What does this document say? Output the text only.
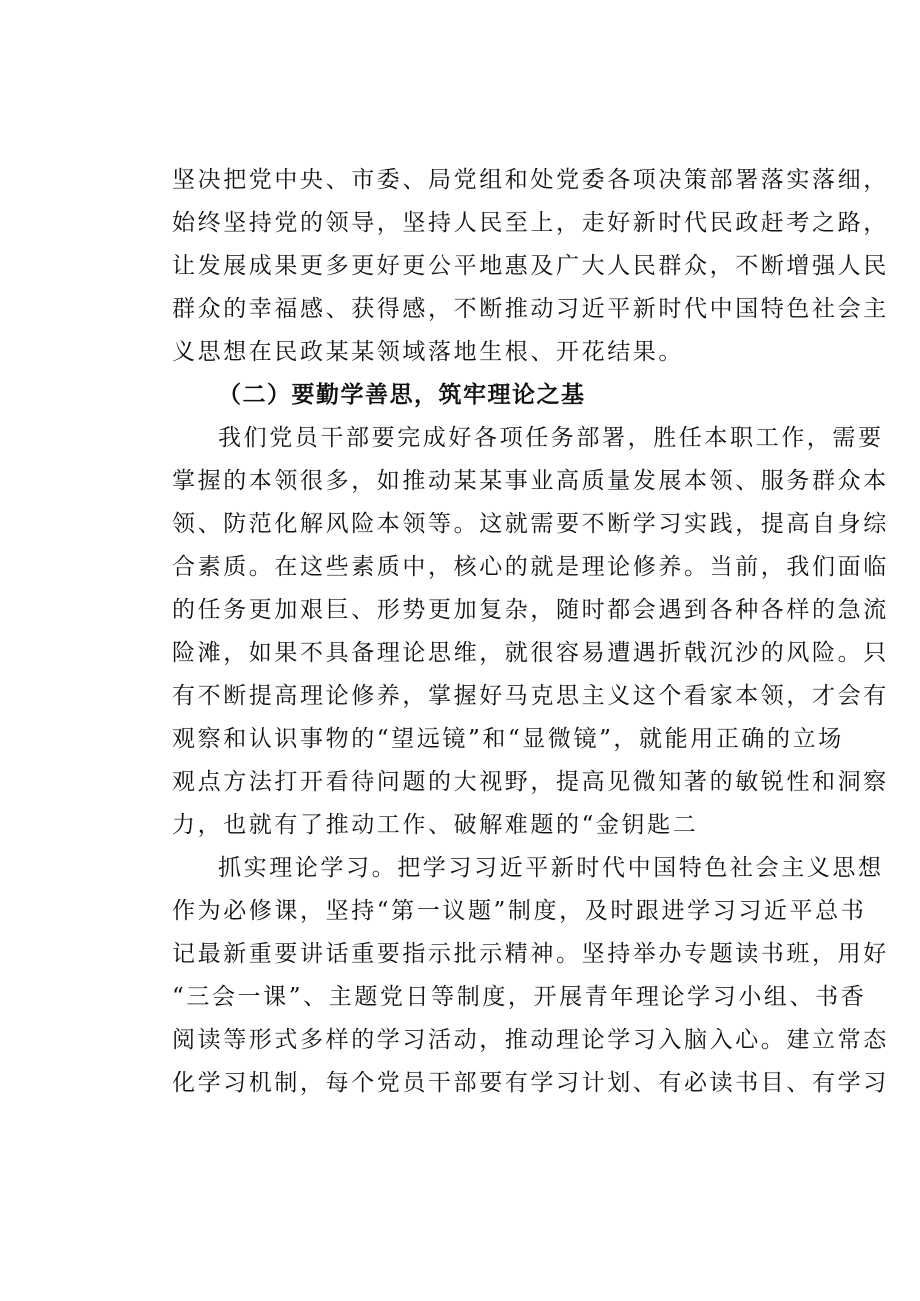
坚决把党中央、市委、局党组和处党委各项决策部署落实落细，
始终坚持党的领导，坚持人民至上，走好新时代民政赶考之路，
让发展成果更多更好更公平地惠及广大人民群众，不断增强人民
群众的幸福感、获得感，不断推动习近平新时代中国特色社会主
义思想在民政某某领域落地生根、开花结果。
（二）要勤学善思，筑牢理论之基
我们党员干部要完成好各项任务部署，胜任本职工作，需要
掌握的本领很多，如推动某某事业高质量发展本领、服务群众本
领、防范化解风险本领等。这就需要不断学习实践，提高自身综
合素质。在这些素质中，核心的就是理论修养。当前，我们面临
的任务更加艰巨、形势更加复杂，随时都会遇到各种各样的急流
险滩，如果不具备理论思维，就很容易遭遇折戟沉沙的风险。只
有不断提高理论修养，掌握好马克思主义这个看家本领，才会有
观察和认识事物的“望远镜”和“显微镜”，就能用正确的立场
观点方法打开看待问题的大视野，提高见微知著的敏锐性和洞察
力，也就有了推动工作、破解难题的“金钥匙二
抓实理论学习。把学习习近平新时代中国特色社会主义思想
作为必修课，坚持“第一议题”制度，及时跟进学习习近平总书
记最新重要讲话重要指示批示精神。坚持举办专题读书班，用好
“三会一课”、主题党日等制度，开展青年理论学习小组、书香
阅读等形式多样的学习活动，推动理论学习入脑入心。建立常态
化学习机制，每个党员干部要有学习计划、有必读书目、有学习
